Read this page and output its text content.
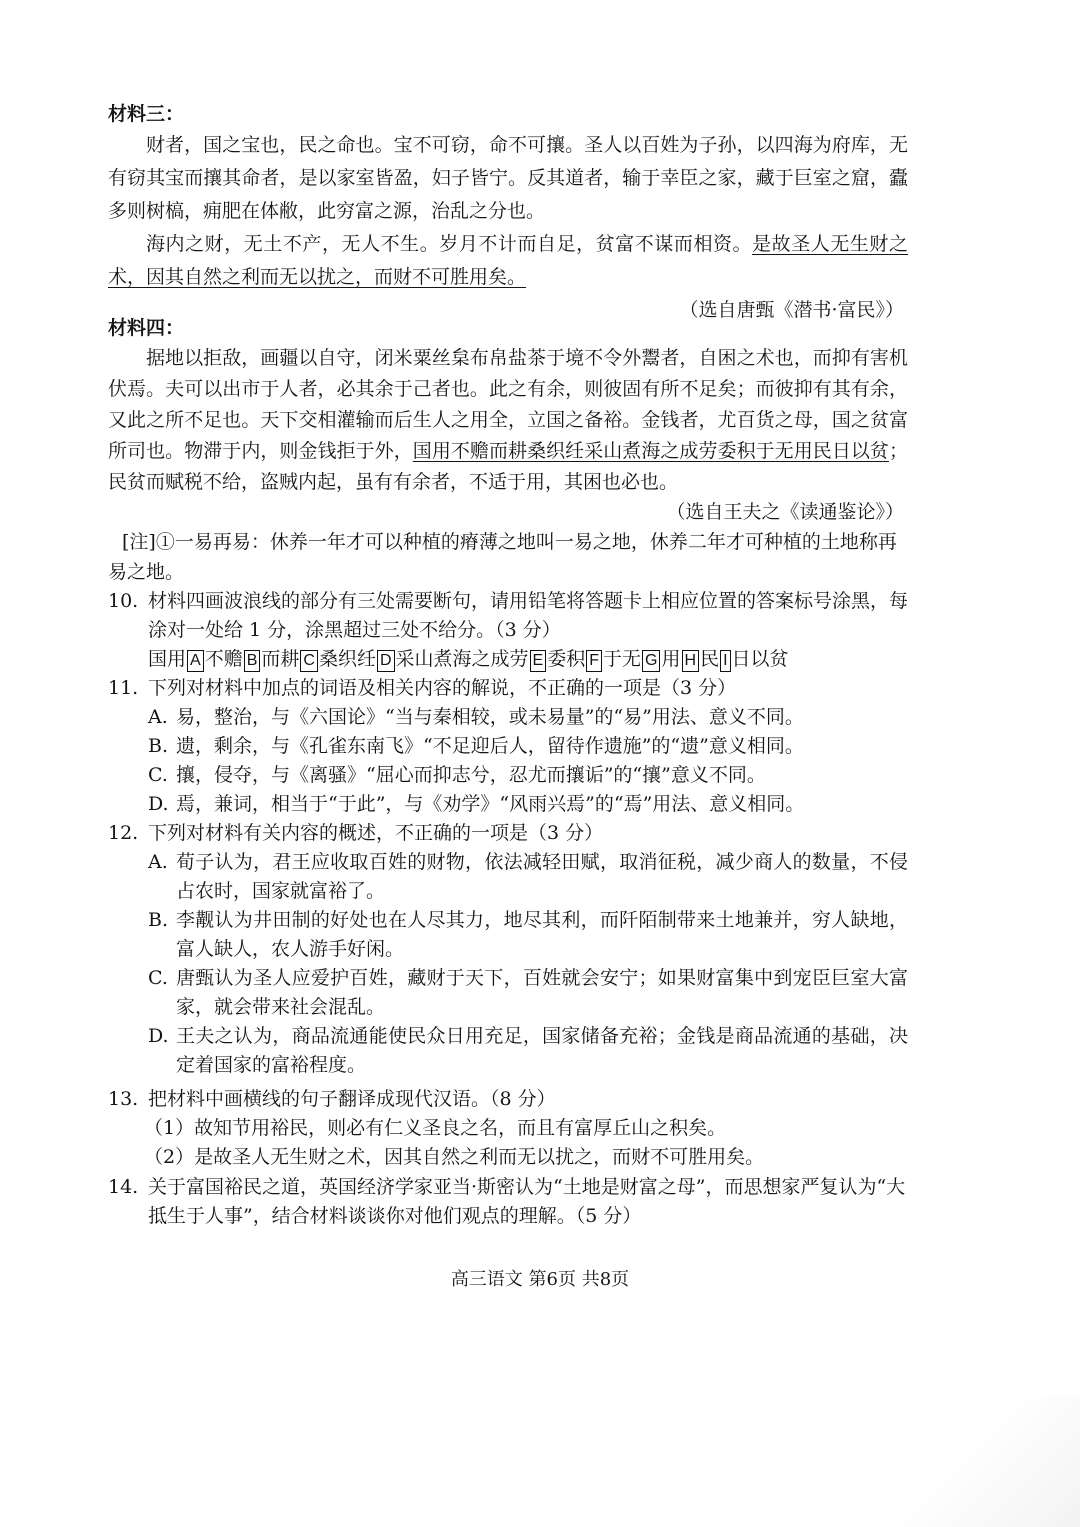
材料三：
财者，国之宝也，民之命也。宝不可窃，命不可攘。圣人以百姓为子孙，以四海为府库，无有窃其宝而攘其命者，是以家室皆盈，妇子皆宁。反其道者，输于幸臣之家，藏于巨室之窟，蠹多则树槁，痈肥在体敝，此穷富之源，治乱之分也。
海内之财，无土不产，无人不生。岁月不计而自足，贫富不谋而相资。是故圣人无生财之术，因其自然之利而无以扰之，而财不可胜用矣。
（选自唐甄《潜书·富民》）
材料四：
据地以拒敌，画疆以自守，闭米粟丝枲布帛盐茶于境不令外鬻者，自困之术也，而抑有害机伏焉。夫可以出市于人者，必其余于己者也。此之有余，则彼固有所不足矣；而彼抑有其有余，又此之所不足也。天下交相灌输而后生人之用全，立国之备裕。金钱者，尤百货之母，国之贫富所司也。物滞于内，则金钱拒于外，国用不赡而耕桑织纴采山煮海之成劳委积于无用民日以贫；民贫而赋税不给，盗贼内起，虽有有余者，不适于用，其困也必也。
（选自王夫之《读通鉴论》）
[注]①一易再易：休养一年才可以种植的瘠薄之地叫一易之地，休养二年才可种植的土地称再易之地。
10. 材料四画波浪线的部分有三处需要断句，请用铅笔将答题卡上相应位置的答案标号涂黑，每涂对一处给 1 分，涂黑超过三处不给分。（3 分）
国用 A 不赡 B 而耕 C 桑织纴 D 采山煮海之成劳 E 委积 F 于无 G 用 H 民 I 日以贫
11. 下列对材料中加点的词语及相关内容的解说，不正确的一项是（3 分）
A. 易，整治，与《六国论》“当与秦相较，或未易量”的“易”用法、意义不同。
B. 遗，剩余，与《孔雀东南飞》“不足迎后人，留待作遗施”的“遗”意义相同。
C. 攘，侵夺，与《离骚》“屈心而抑志兮，忍尤而攘诟”的“攘”意义不同。
D. 焉，兼词，相当于“于此”，与《劝学》“风雨兴焉”的“焉”用法、意义相同。
12. 下列对材料有关内容的概述，不正确的一项是（3 分）
A. 荀子认为，君王应收取百姓的财物，依法减轻田赋，取消征税，减少商人的数量，不侵占农时，国家就富裕了。
B. 李觏认为井田制的好处也在人尽其力，地尽其利，而阡陌制带来土地兼并，穷人缺地，富人缺人，农人游手好闲。
C. 唐甄认为圣人应爱护百姓，藏财于天下，百姓就会安宁；如果财富集中到宠臣巨室大富家，就会带来社会混乱。
D. 王夫之认为，商品流通能使民众日用充足，国家储备充裕；金钱是商品流通的基础，决定着国家的富裕程度。
13. 把材料中画横线的句子翻译成现代汉语。（8 分）
（1）故知节用裕民，则必有仁义圣良之名，而且有富厚丘山之积矣。
（2）是故圣人无生财之术，因其自然之利而无以扰之，而财不可胜用矣。
14. 关于富国裕民之道，英国经济学家亚当·斯密认为“土地是财富之母”，而思想家严复认为“大抵生于人事”，结合材料谈谈你对他们观点的理解。（5 分）
高三语文 第6页 共8页
